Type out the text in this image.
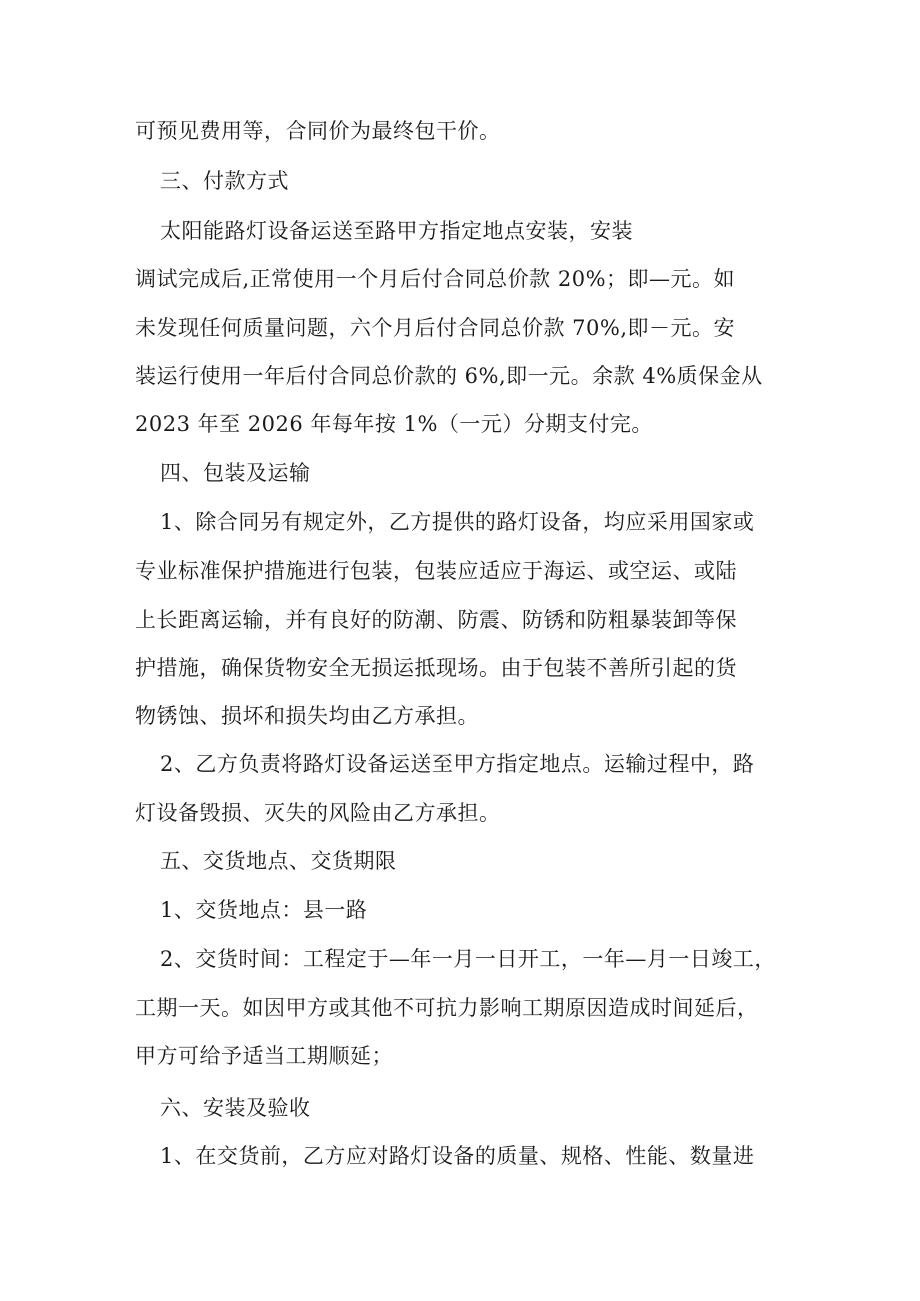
可预见费用等，合同价为最终包干价。
三、付款方式
太阳能路灯设备运送至路甲方指定地点安装，安装
调试完成后,正常使用一个月后付合同总价款 20%；即—元。如
未发现任何质量问题，六个月后付合同总价款 70%,即－元。安
装运行使用一年后付合同总价款的 6%,即一元。余款 4%质保金从
2023 年至 2026 年每年按 1%（一元）分期支付完。
四、包装及运输
1、除合同另有规定外，乙方提供的路灯设备，均应采用国家或
专业标准保护措施进行包装，包装应适应于海运、或空运、或陆
上长距离运输，并有良好的防潮、防震、防锈和防粗暴装卸等保
护措施，确保货物安全无损运抵现场。由于包装不善所引起的货
物锈蚀、损坏和损失均由乙方承担。
2、乙方负责将路灯设备运送至甲方指定地点。运输过程中，路
灯设备毁损、灭失的风险由乙方承担。
五、交货地点、交货期限
1、交货地点：县一路
2、交货时间：工程定于—年一月一日开工，一年—月一日竣工，
工期一天。如因甲方或其他不可抗力影响工期原因造成时间延后，
甲方可给予适当工期顺延；
六、安装及验收
1、在交货前，乙方应对路灯设备的质量、规格、性能、数量进
